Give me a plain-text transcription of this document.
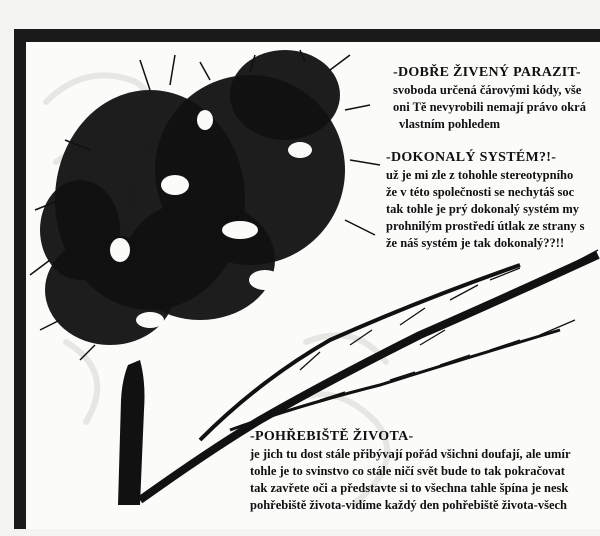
-DOBŘE ŽIVENÝ PARAZIT-
svoboda určená čárovými kódy, vše
oni Tě nevyrobili nemají právo okrá
vlastním pohledem
-DOKONALÝ SYSTÉM?!-
už je mi zle z tohohle stereotypního
že v této společnosti se nechytáš soc
tak tohle je prý dokonalý systém my
prohnilým prostředí útlak ze strany s
že náš systém je tak dokonalý??!!
-POHŘEBIŠTĚ ŽIVOTA-
je jich tu dost stále přibývají pořád všichni doufají, ale umír
tohle je to svinstvo co stále ničí svět bude to tak pokračovat
tak zavřete oči a představte si to všechna tahle špína je nesk
pohřebiště života-vidíme každý den pohřebiště života-všech
